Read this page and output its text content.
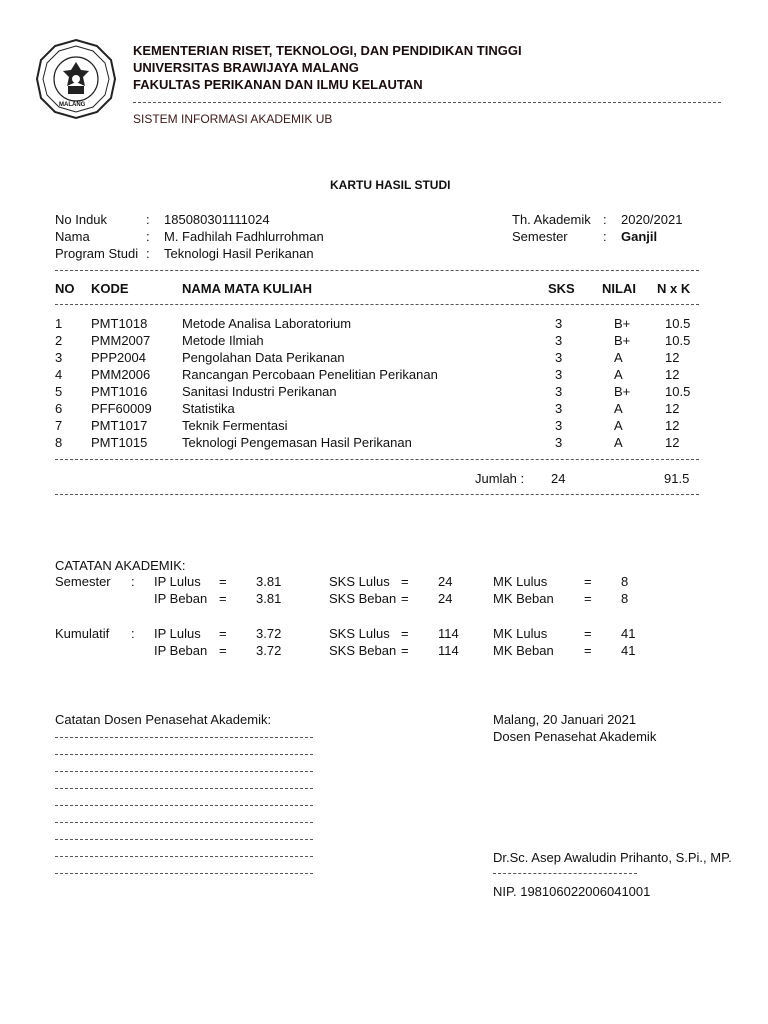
MALANG
KEMENTERIAN RISET, TEKNOLOGI, DAN PENDIDIKAN TINGGI
UNIVERSITAS BRAWIJAYA MALANG
FAKULTAS PERIKANAN DAN ILMU KELAUTAN
SISTEM INFORMASI AKADEMIK UB
KARTU HASIL STUDI
No Induk	: 185080301111024
Nama	: M. Fadhilah Fadhlurrohman
Program Studi : Teknologi Hasil Perikanan
Th. Akademik : 2020/2021
Semester	: Ganjil
NO KODE	NAMA MATA KULIAH	SKS NILAI N x K
1 PMT1018	Metode Analisa Laboratorium	3	B+	10.5
2 PMM2007 Metode Ilmiah	3	B+	10.5
3 PPP2004	Pengolahan Data Perikanan	3	A	12
4 PMM2006 Rancangan Percobaan Penelitian Perikanan	3	A	12
5 PMT1016	Sanitasi Industri Perikanan	3	B+	10.5
6 PFF60009 Statistika	3	A	12
7 PMT1017	Teknik Fermentasi	3	A	12
8 PMT1015	Teknologi Pengemasan Hasil Perikanan	3	A	12
Jumlah : 24	91.5
CATATAN AKADEMIK:
Semester : IP Lulus = 3.81	SKS Lulus = 24	MK Lulus	= 8
IP Beban = 3.81	SKS Beban = 24	MK Beban = 8
Kumulatif : IP Lulus = 3.72	SKS Lulus = 114	MK Lulus	= 41
IP Beban = 3.72	SKS Beban = 114	MK Beban = 41
Catatan Dosen Penasehat Akademik:	Malang, 20 Januari 2021
Dosen Penasehat Akademik
Dr.Sc. Asep Awaludin Prihanto, S.Pi., MP.
NIP. 198106022006041001
